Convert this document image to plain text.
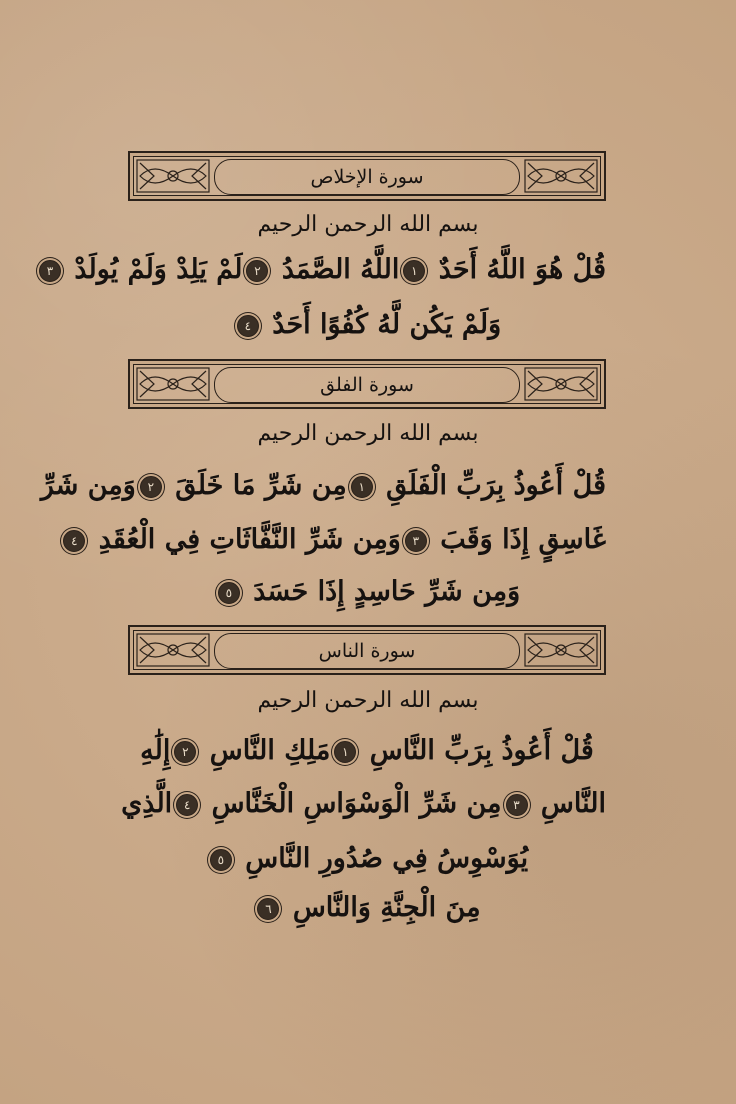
سورة الإخلاص
بسم الله الرحمن الرحيم
قُلْ هُوَ اللَّهُ أَحَدٌ ١اللَّهُ الصَّمَدُ ٢لَمْ يَلِدْ وَلَمْ يُولَدْ ٣
وَلَمْ يَكُن لَّهُ كُفُوًا أَحَدٌ ٤
سورة الفلق
بسم الله الرحمن الرحيم
قُلْ أَعُوذُ بِرَبِّ الْفَلَقِ ١مِن شَرِّ مَا خَلَقَ ٢وَمِن شَرِّ
غَاسِقٍ إِذَا وَقَبَ ٣وَمِن شَرِّ النَّفَّاثَاتِ فِي الْعُقَدِ ٤
وَمِن شَرِّ حَاسِدٍ إِذَا حَسَدَ ٥
سورة الناس
بسم الله الرحمن الرحيم
قُلْ أَعُوذُ بِرَبِّ النَّاسِ ١مَلِكِ النَّاسِ ٢إِلَٰهِ
النَّاسِ ٣مِن شَرِّ الْوَسْوَاسِ الْخَنَّاسِ ٤الَّذِي
يُوَسْوِسُ فِي صُدُورِ النَّاسِ ٥
مِنَ الْجِنَّةِ وَالنَّاسِ ٦
